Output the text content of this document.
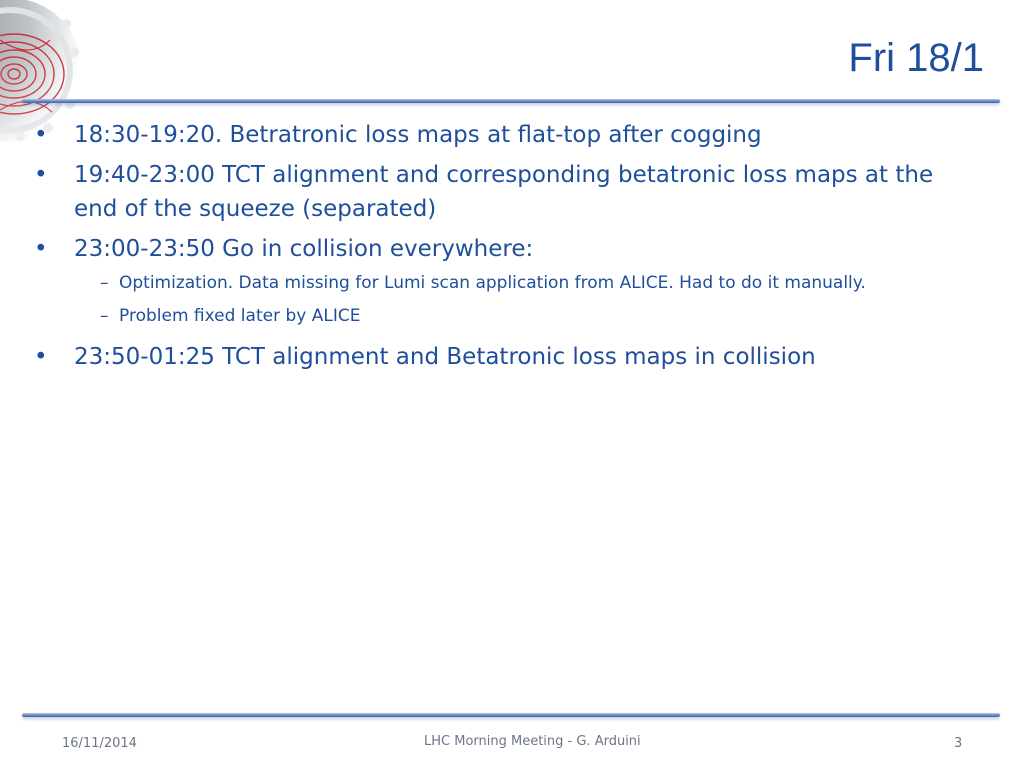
Fri 18/1
• 18:30-19:20. Betratronic loss maps at flat-top after cogging
• 19:40-23:00 TCT alignment and corresponding betatronic loss maps at the end of the squeeze (separated)
• 23:00-23:50 Go in collision everywhere:
– Optimization. Data missing for Lumi scan application from ALICE. Had to do it manually.
– Problem fixed later by ALICE
• 23:50-01:25 TCT alignment and Betatronic loss maps in collision
16/11/2014	LHC Morning Meeting - G. Arduini	3
